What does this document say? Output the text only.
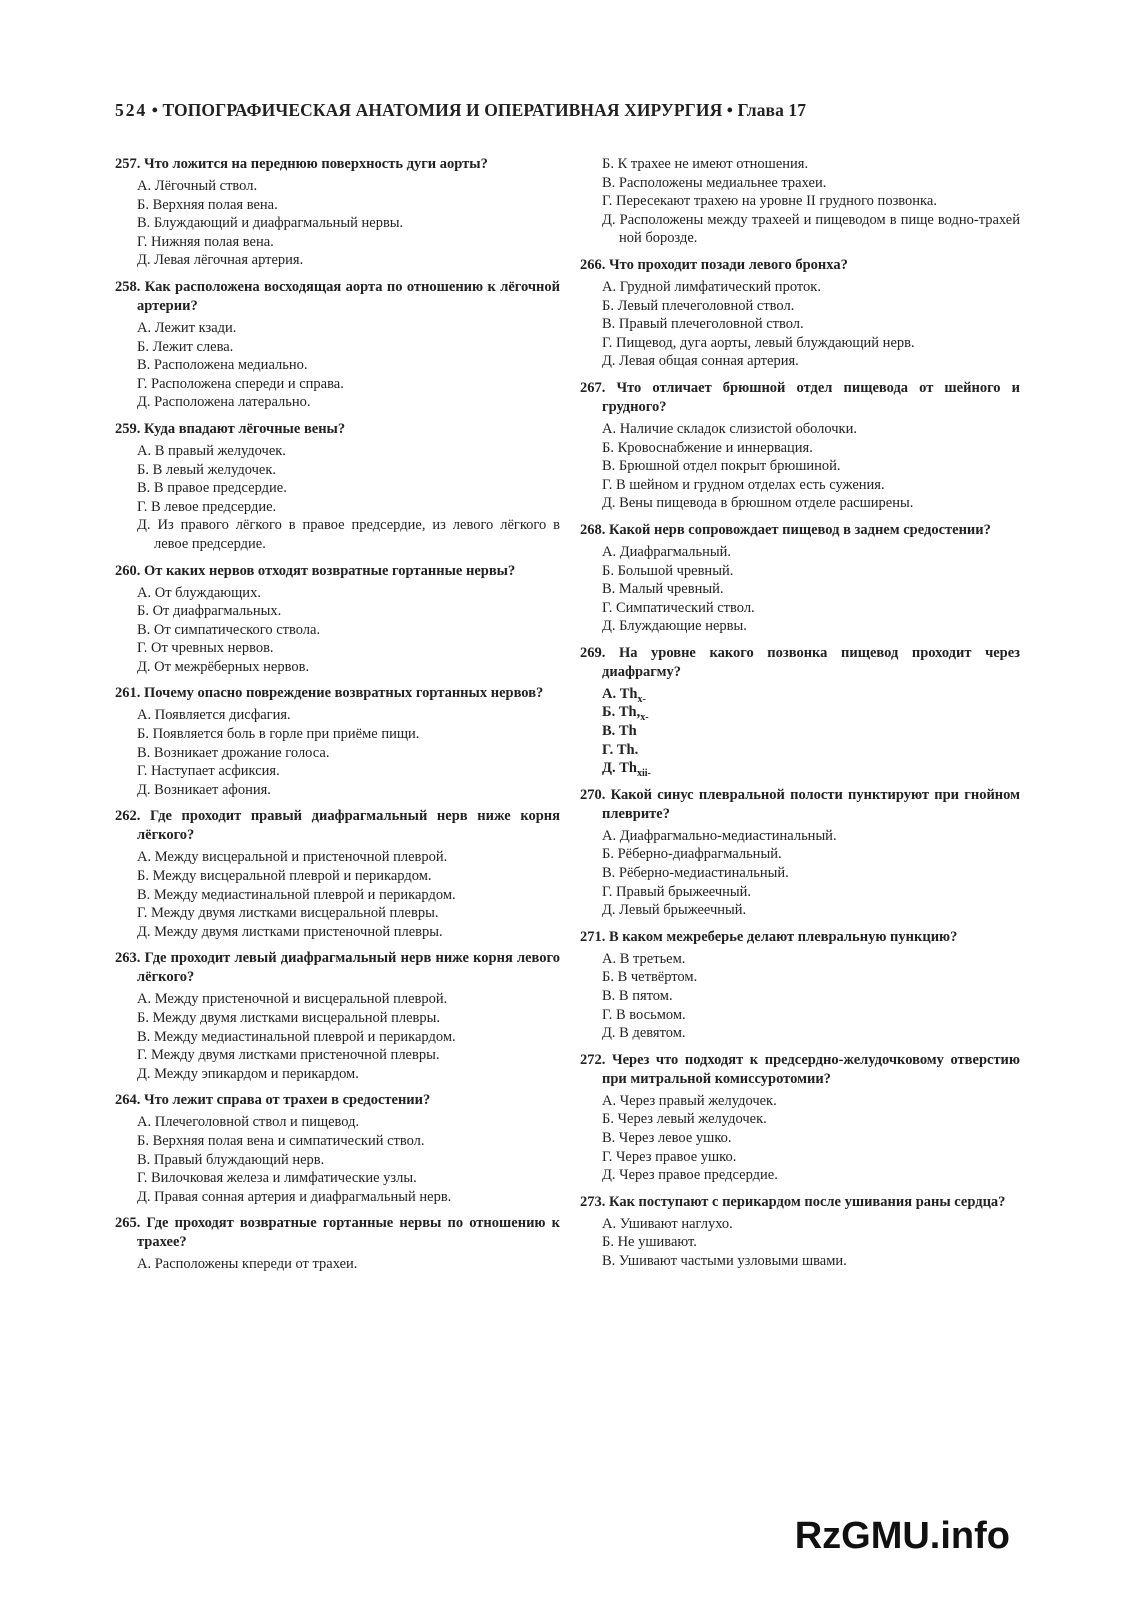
524 • ТОПОГРАФИЧЕСКАЯ АНАТОМИЯ И ОПЕРАТИВНАЯ ХИРУРГИЯ • Глава 17
257. Что ложится на переднюю поверхность дуги аорты?
А. Лёгочный ствол.
Б. Верхняя полая вена.
В. Блуждающий и диафрагмальный нервы.
Г. Нижняя полая вена.
Д. Левая лёгочная артерия.
258. Как расположена восходящая аорта по отношению к лёгочной артерии?
А. Лежит кзади.
Б. Лежит слева.
В. Расположена медиально.
Г. Расположена спереди и справа.
Д. Расположена латерально.
259. Куда впадают лёгочные вены?
А. В правый желудочек.
Б. В левый желудочек.
В. В правое предсердие.
Г. В левое предсердие.
Д. Из правого лёгкого в правое предсердие, из левого лёгкого в левое предсердие.
260. От каких нервов отходят возвратные гортанные нервы?
А. От блуждающих.
Б. От диафрагмальных.
В. От симпатического ствола.
Г. От чревных нервов.
Д. От межрёберных нервов.
261. Почему опасно повреждение возвратных гортанных нервов?
А. Появляется дисфагия.
Б. Появляется боль в горле при приёме пищи.
В. Возникает дрожание голоса.
Г. Наступает асфиксия.
Д. Возникает афония.
262. Где проходит правый диафрагмальный нерв ниже корня лёгкого?
А. Между висцеральной и пристеночной плеврой.
Б. Между висцеральной плеврой и перикардом.
В. Между медиастинальной плеврой и перикардом.
Г. Между двумя листками висцеральной плевры.
Д. Между двумя листками пристеночной плевры.
263. Где проходит левый диафрагмальный нерв ниже корня левого лёгкого?
А. Между пристеночной и висцеральной плеврой.
Б. Между двумя листками висцеральной плевры.
В. Между медиастинальной плеврой и перикардом.
Г. Между двумя листками пристеночной плевры.
Д. Между эпикардом и перикардом.
264. Что лежит справа от трахеи в средостении?
А. Плечеголовной ствол и пищевод.
Б. Верхняя полая вена и симпатический ствол.
В. Правый блуждающий нерв.
Г. Вилочковая железа и лимфатические узлы.
Д. Правая сонная артерия и диафрагмальный нерв.
265. Где проходят возвратные гортанные нервы по отношению к трахее?
А. Расположены кпереди от трахеи.
Б. К трахее не имеют отношения.
В. Расположены медиальнее трахеи.
Г. Пересекают трахею на уровне II грудного позвонка.
Д. Расположены между трахеей и пищеводом в пище водно-трахей ной борозде.
266. Что проходит позади левого бронха?
А. Грудной лимфатический проток.
Б. Левый плечеголовной ствол.
В. Правый плечеголовной ствол.
Г. Пищевод, дуга аорты, левый блуждающий нерв.
Д. Левая общая сонная артерия.
267. Что отличает брюшной отдел пищевода от шейного и грудного?
А. Наличие складок слизистой оболочки.
Б. Кровоснабжение и иннервация.
В. Брюшной отдел покрыт брюшиной.
Г. В шейном и грудном отделах есть сужения.
Д. Вены пищевода в брюшном отделе расширены.
268. Какой нерв сопровождает пищевод в заднем средостении?
А. Диафрагмальный.
Б. Большой чревный.
В. Малый чревный.
Г. Симпатический ствол.
Д. Блуждающие нервы.
269. На уровне какого позвонка пищевод проходит через диафрагму?
А. $Th_{x-}$
Б. $Th,_{x-}$
В. Th
Г. Th.
Д. $Th_{xii-}$
270. Какой синус плевральной полости пунктируют при гнойном плеврите?
А. Диафрагмально-медиастинальный.
Б. Рёберно-диафрагмальный.
В. Рёберно-медиастинальный.
Г. Правый брыжеечный.
Д. Левый брыжеечный.
271. В каком межреберье делают плевральную пункцию?
А. В третьем.
Б. В четвёртом.
В. В пятом.
Г. В восьмом.
Д. В девятом.
272. Через что подходят к предсердно-желудочковому отверстию при митральной комиссуротомии?
А. Через правый желудочек.
Б. Через левый желудочек.
В. Через левое ушко.
Г. Через правое ушко.
Д. Через правое предсердие.
273. Как поступают с перикардом после ушивания раны сердца?
А. Ушивают наглухо.
Б. Не ушивают.
В. Ушивают частыми узловыми швами.
RzGMU.info
